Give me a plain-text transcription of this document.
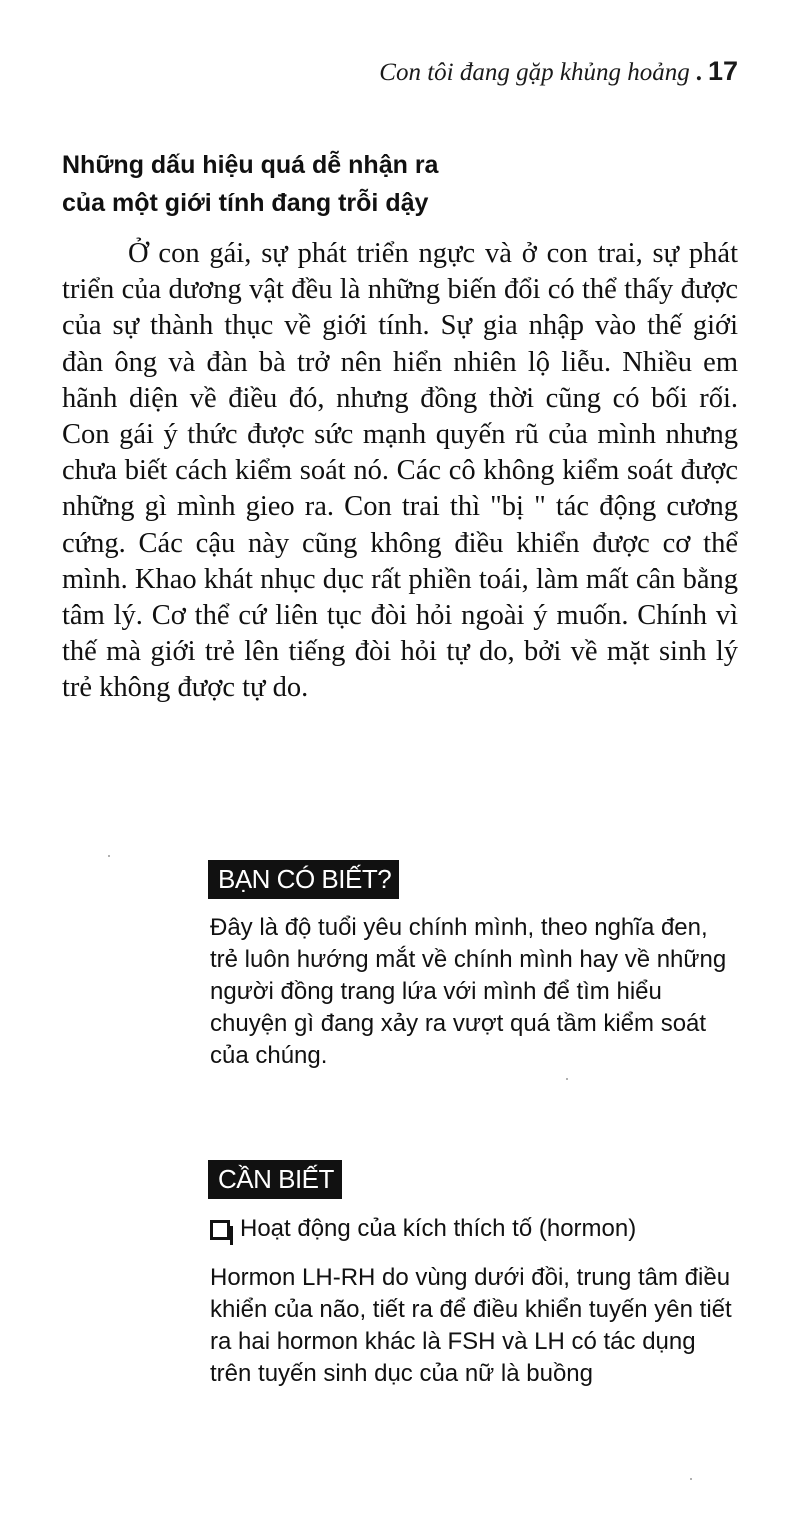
Con tôi đang gặp khủng hoảng . 17
Những dấu hiệu quá dễ nhận ra
của một giới tính đang trỗi dậy

Ở con gái, sự phát triển ngực và ở con trai, sự phát triển của dương vật đều là những biến đổi có thể thấy được của sự thành thục về giới tính. Sự gia nhập vào thế giới đàn ông và đàn bà trở nên hiển nhiên lộ liễu. Nhiều em hãnh diện về điều đó, nhưng đồng thời cũng có bối rối. Con gái ý thức được sức mạnh quyến rũ của mình nhưng chưa biết cách kiểm soát nó. Các cô không kiểm soát được những gì mình gieo ra. Con trai thì "bị " tác động cương cứng. Các cậu này cũng không điều khiển được cơ thể mình. Khao khát nhục dục rất phiền toái, làm mất cân bằng tâm lý. Cơ thể cứ liên tục đòi hỏi ngoài ý muốn. Chính vì thế mà giới trẻ lên tiếng đòi hỏi tự do, bởi về mặt sinh lý trẻ không được tự do.

BẠN CÓ BIẾT?

Đây là độ tuổi yêu chính mình, theo nghĩa đen, trẻ luôn hướng mắt về chính mình hay về những người đồng trang lứa với mình để tìm hiểu chuyện gì đang xảy ra vượt quá tầm kiểm soát của chúng.

CẦN BIẾT
Hoạt động của kích thích tố (hormon)

Hormon LH-RH do vùng dưới đồi, trung tâm điều khiển của não, tiết ra để điều khiển tuyến yên tiết ra hai hormon khác là FSH và LH có tác dụng trên tuyến sinh dục của nữ là buồng
